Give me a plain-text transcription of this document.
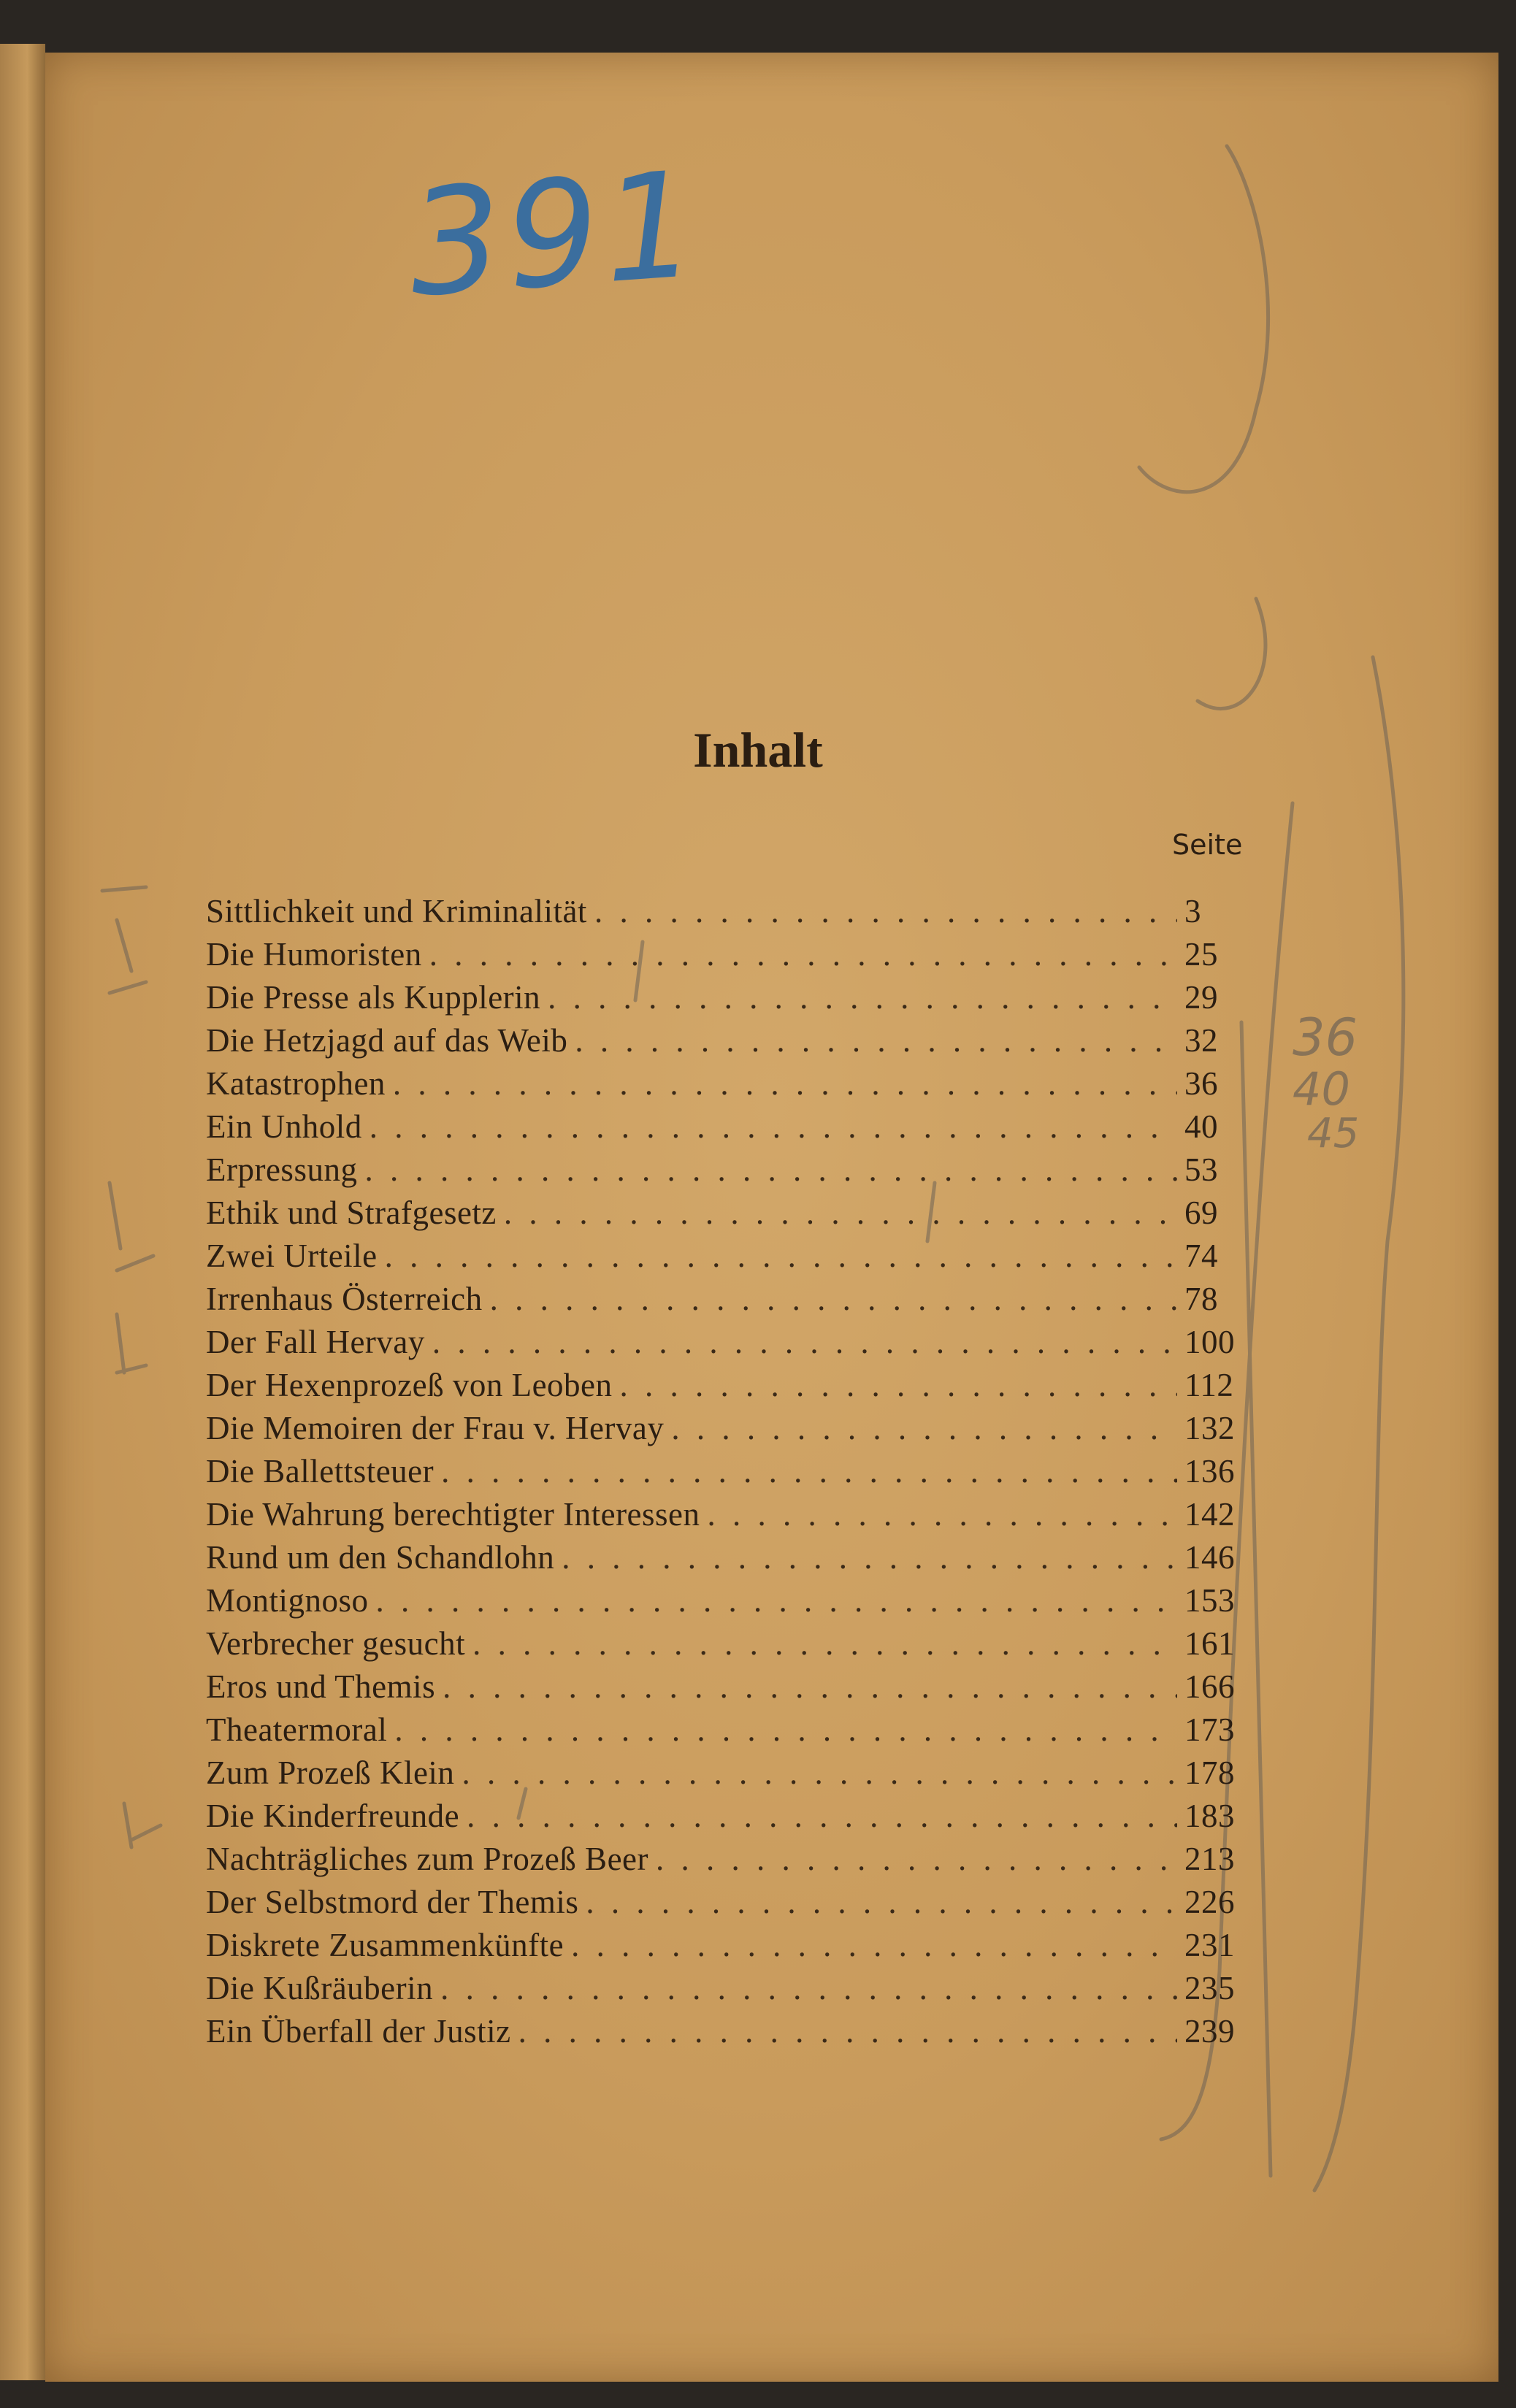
391
36
40
45
Inhalt
Seite
Sittlichkeit und Kriminalität . . .	3
Die Humoristen . . .	25
Die Presse als Kupplerin . . .	29
Die Hetzjagd auf das Weib . . .	32
Katastrophen . . .	36
Ein Unhold . . .	40
Erpressung . . .	53
Ethik und Strafgesetz . . .	69
Zwei Urteile . . .	74
Irrenhaus Österreich . . .	78
Der Fall Hervay . . .	100
Der Hexenprozeß von Leoben . . .	112
Die Memoiren der Frau v. Hervay . . .	132
Die Ballettsteuer . . .	136
Die Wahrung berechtigter Interessen . . .	142
Rund um den Schandlohn . . .	146
Montignoso . . .	153
Verbrecher gesucht . . .	161
Eros und Themis . . .	166
Theatermoral . . .	173
Zum Prozeß Klein . . .	178
Die Kinderfreunde . . .	183
Nachträgliches zum Prozeß Beer . . .	213
Der Selbstmord der Themis . . .	226
Diskrete Zusammenkünfte . . .	231
Die Kußräuberin . . .	235
Ein Überfall der Justiz . . .	239
